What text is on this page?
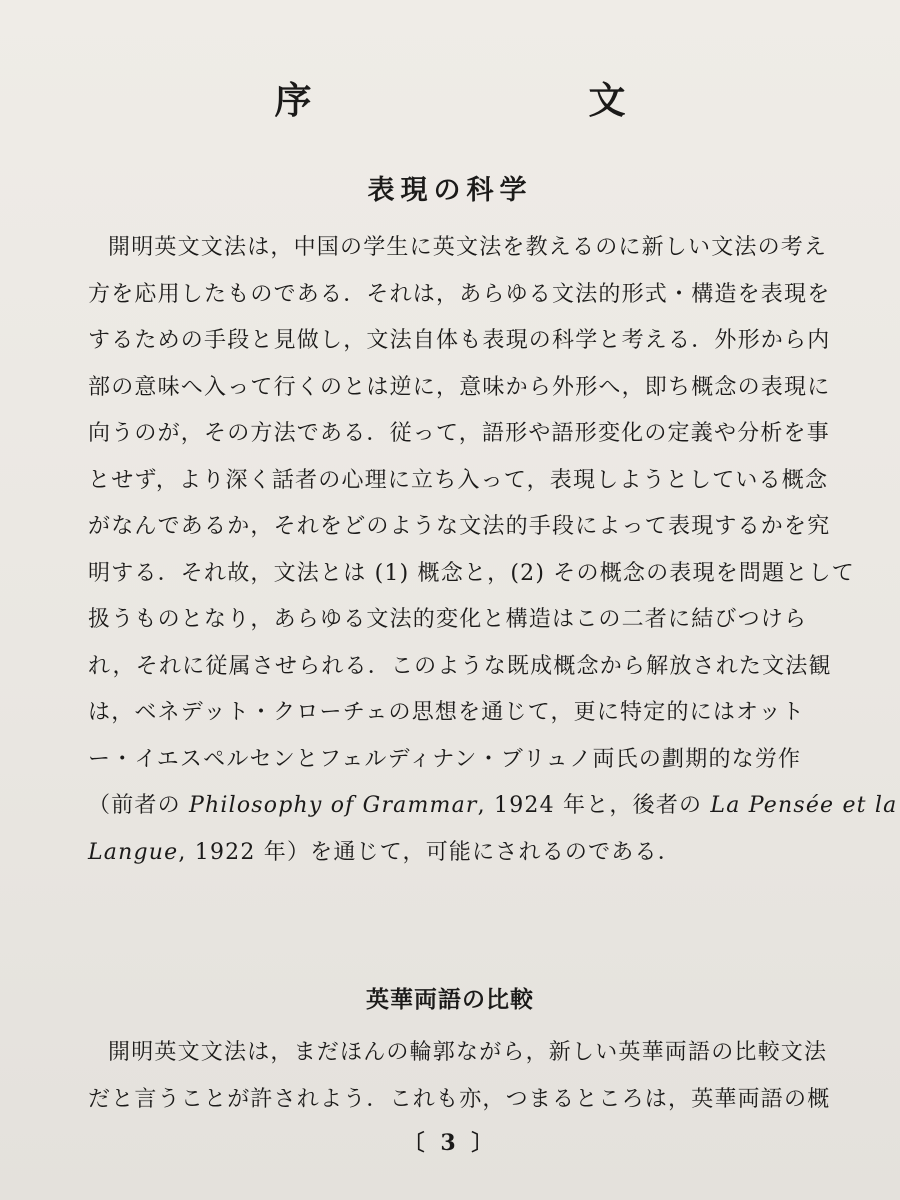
序　文
表現の科学
開明英文文法は，中国の学生に英文法を教えるのに新しい文法の考え
方を応用したものである．それは，あらゆる文法的形式・構造を表現を
するための手段と見做し，文法自体も表現の科学と考える．外形から内
部の意味へ入って行くのとは逆に，意味から外形へ，即ち概念の表現に
向うのが，その方法である．従って，語形や語形変化の定義や分析を事
とせず，より深く話者の心理に立ち入って，表現しようとしている概念
がなんであるか，それをどのような文法的手段によって表現するかを究
明する．それ故，文法とは (1) 概念と，(2) その概念の表現を問題として
扱うものとなり，あらゆる文法的変化と構造はこの二者に結びつけら
れ，それに従属させられる．このような既成概念から解放された文法観
は，ベネデット・クローチェの思想を通じて，更に特定的にはオット
ー・イエスペルセンとフェルディナン・ブリュノ両氏の劃期的な労作
（前者の Philosophy of Grammar, 1924 年と，後者の La Pensée et la
Langue, 1922 年）を通じて，可能にされるのである．
英華両語の比較
開明英文文法は，まだほんの輪郭ながら，新しい英華両語の比較文法
だと言うことが許されよう．これも亦，つまるところは，英華両語の概
〔 3 〕
